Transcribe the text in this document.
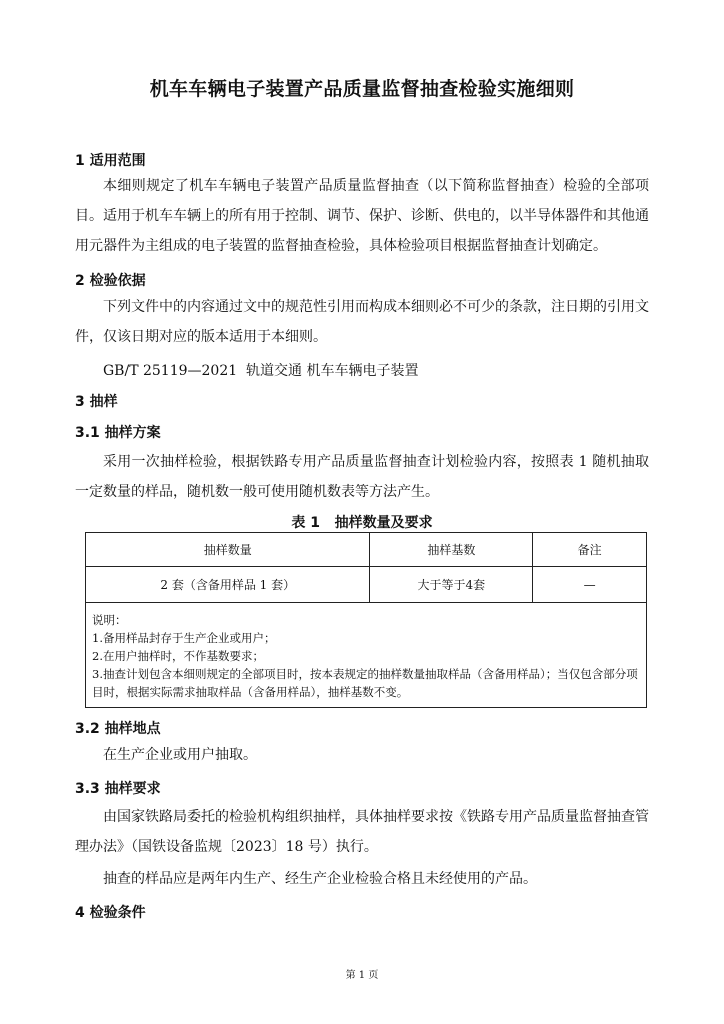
机车车辆电子装置产品质量监督抽查检验实施细则
1 适用范围

本细则规定了机车车辆电子装置产品质量监督抽查（以下简称监督抽查）检验的全部项目。适用于机车车辆上的所有用于控制、调节、保护、诊断、供电的，以半导体器件和其他通用元器件为主组成的电子装置的监督抽查检验，具体检验项目根据监督抽查计划确定。

2 检验依据

下列文件中的内容通过文中的规范性引用而构成本细则必不可少的条款，注日期的引用文件，仅该日期对应的版本适用于本细则。

GB/T 25119—2021  轨道交通 机车车辆电子装置
3 抽样
3.1 抽样方案

采用一次抽样检验，根据铁路专用产品质量监督抽查计划检验内容，按照表 1 随机抽取一定数量的样品，随机数一般可使用随机数表等方法产生。

表 1   抽样数量及要求
抽样数量	抽样基数	备注
2 套（含备用样品 1 套）	大于等于4套	—

说明：
1.备用样品封存于生产企业或用户；
2.在用户抽样时，不作基数要求；
3.抽查计划包含本细则规定的全部项目时，按本表规定的抽样数量抽取样品（含备用样品）；当仅包含部分项目时，根据实际需求抽取样品（含备用样品），抽样基数不变。		
3.2 抽样地点

在生产企业或用户抽取。

3.3 抽样要求

由国家铁路局委托的检验机构组织抽样，具体抽样要求按《铁路专用产品质量监督抽查管理办法》（国铁设备监规〔2023〕18 号）执行。

抽查的样品应是两年内生产、经生产企业检验合格且未经使用的产品。

4 检验条件
第 1 页
